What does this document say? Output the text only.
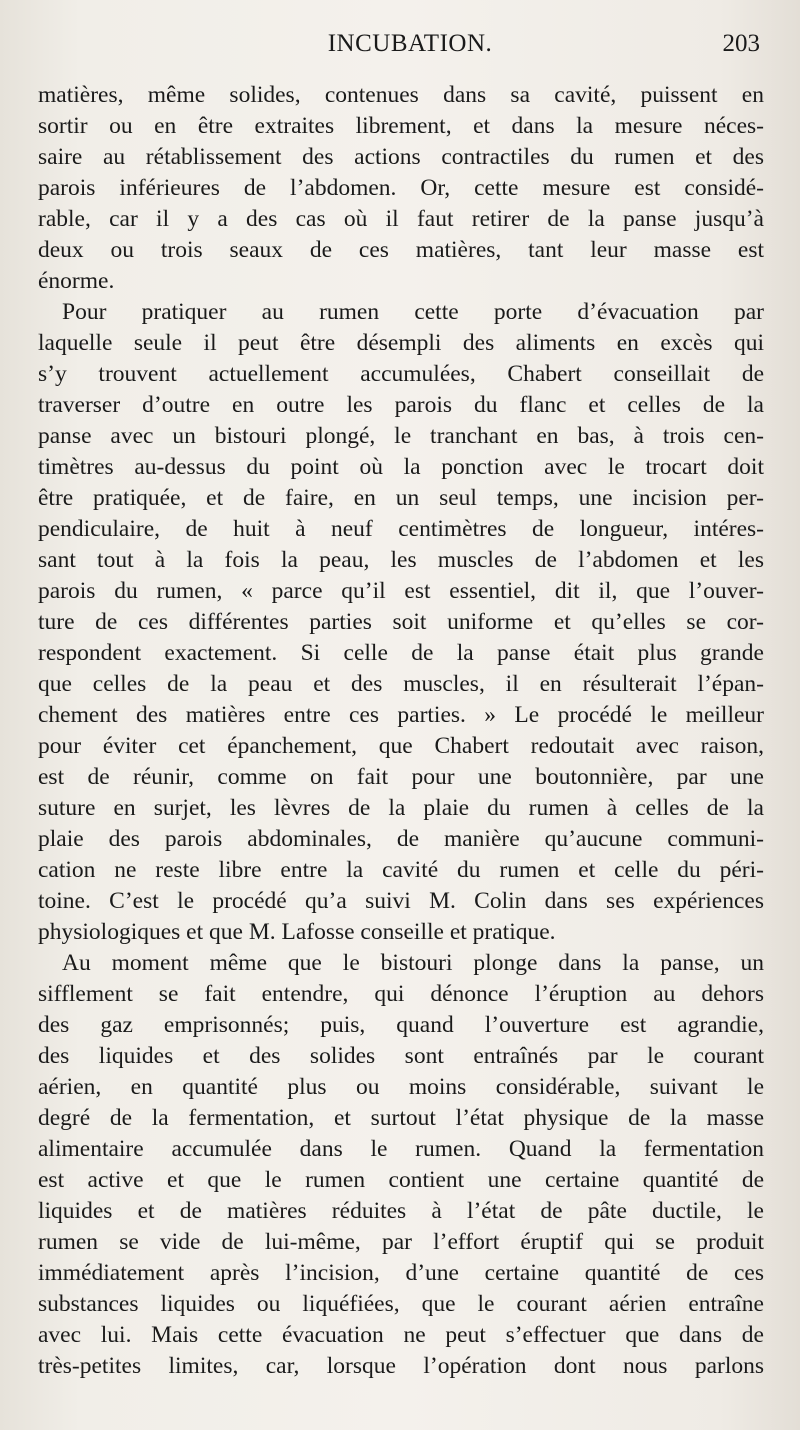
INCUBATION.	203
matières, même solides, contenues dans sa cavité, puissent en
sortir ou en être extraites librement, et dans la mesure néces-
saire au rétablissement des actions contractiles du rumen et des
parois inférieures de l’abdomen. Or, cette mesure est considé-
rable, car il y a des cas où il faut retirer de la panse jusqu’à
deux ou trois seaux de ces matières, tant leur masse est
énorme.
Pour pratiquer au rumen cette porte d’évacuation par
laquelle seule il peut être désempli des aliments en excès qui
s’y trouvent actuellement accumulées, Chabert conseillait de
traverser d’outre en outre les parois du flanc et celles de la
panse avec un bistouri plongé, le tranchant en bas, à trois cen-
timètres au-dessus du point où la ponction avec le trocart doit
être pratiquée, et de faire, en un seul temps, une incision per-
pendiculaire, de huit à neuf centimètres de longueur, intéres-
sant tout à la fois la peau, les muscles de l’abdomen et les
parois du rumen, « parce qu’il est essentiel, dit il, que l’ouver-
ture de ces différentes parties soit uniforme et qu’elles se cor-
respondent exactement. Si celle de la panse était plus grande
que celles de la peau et des muscles, il en résulterait l’épan-
chement des matières entre ces parties. » Le procédé le meilleur
pour éviter cet épanchement, que Chabert redoutait avec raison,
est de réunir, comme on fait pour une boutonnière, par une
suture en surjet, les lèvres de la plaie du rumen à celles de la
plaie des parois abdominales, de manière qu’aucune communi-
cation ne reste libre entre la cavité du rumen et celle du péri-
toine. C’est le procédé qu’a suivi M. Colin dans ses expériences
physiologiques et que M. Lafosse conseille et pratique.
Au moment même que le bistouri plonge dans la panse, un
sifflement se fait entendre, qui dénonce l’éruption au dehors
des gaz emprisonnés; puis, quand l’ouverture est agrandie,
des liquides et des solides sont entraînés par le courant
aérien, en quantité plus ou moins considérable, suivant le
degré de la fermentation, et surtout l’état physique de la masse
alimentaire accumulée dans le rumen. Quand la fermentation
est active et que le rumen contient une certaine quantité de
liquides et de matières réduites à l’état de pâte ductile, le
rumen se vide de lui-même, par l’effort éruptif qui se produit
immédiatement après l’incision, d’une certaine quantité de ces
substances liquides ou liquéfiées, que le courant aérien entraîne
avec lui. Mais cette évacuation ne peut s’effectuer que dans de
très-petites limites, car, lorsque l’opération dont nous parlons
